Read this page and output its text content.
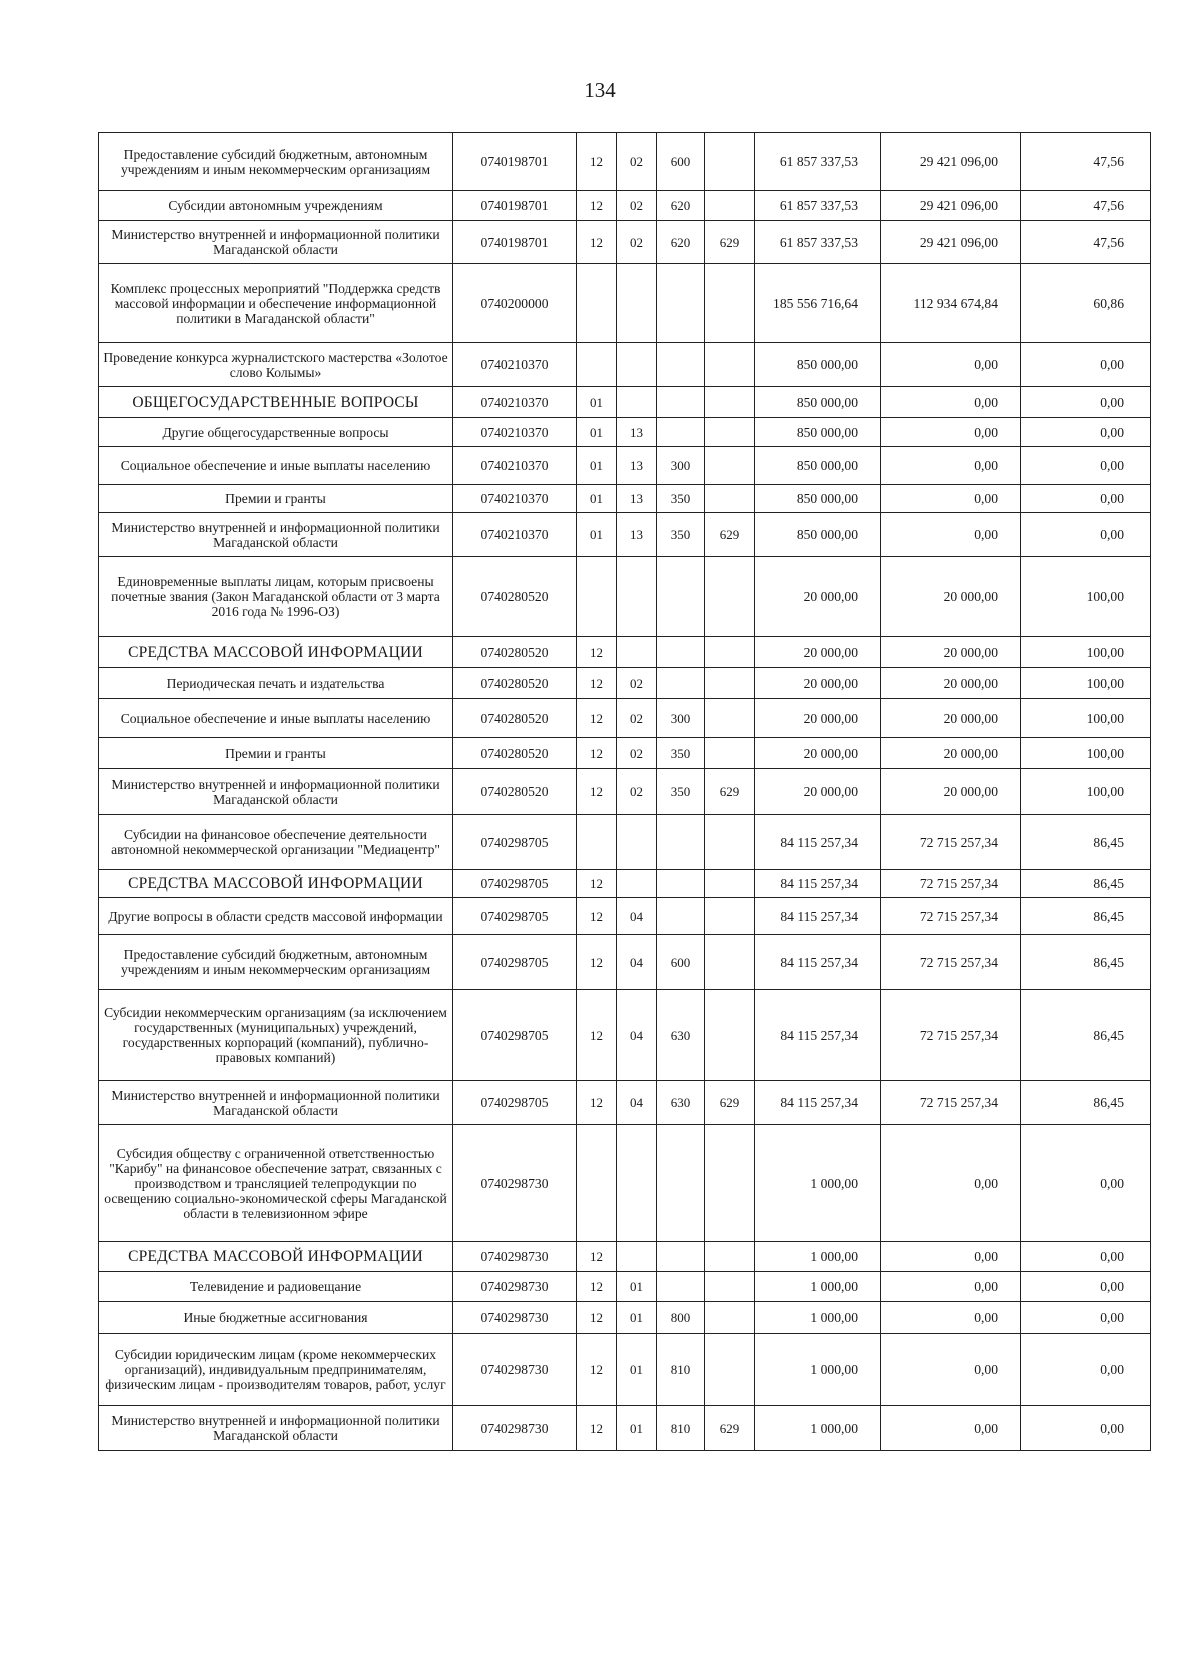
134
Предоставление субсидий бюджетным, автономным учреждениям и иным некоммерческим организациям	0740198701	12	02	600		61 857 337,53	29 421 096,00	47,56
Субсидии автономным учреждениям	0740198701	12	02	620		61 857 337,53	29 421 096,00	47,56
Министерство внутренней и информационной политики Магаданской области	0740198701	12	02	620	629	61 857 337,53	29 421 096,00	47,56
Комплекс процессных мероприятий "Поддержка средств массовой информации и обеспечение информационной политики в Магаданской области"	0740200000					185 556 716,64	112 934 674,84	60,86
Проведение конкурса журналистского мастерства «Золотое слово Колымы»	0740210370					850 000,00	0,00	0,00
ОБЩЕГОСУДАРСТВЕННЫЕ ВОПРОСЫ	0740210370	01				850 000,00	0,00	0,00
Другие общегосударственные вопросы	0740210370	01	13			850 000,00	0,00	0,00
Социальное обеспечение и иные выплаты населению	0740210370	01	13	300		850 000,00	0,00	0,00
Премии и гранты	0740210370	01	13	350		850 000,00	0,00	0,00
Министерство внутренней и информационной политики Магаданской области	0740210370	01	13	350	629	850 000,00	0,00	0,00
Единовременные выплаты лицам, которым присвоены почетные звания (Закон Магаданской области от 3 марта 2016 года № 1996-ОЗ)	0740280520					20 000,00	20 000,00	100,00
СРЕДСТВА МАССОВОЙ ИНФОРМАЦИИ	0740280520	12				20 000,00	20 000,00	100,00
Периодическая печать и издательства	0740280520	12	02			20 000,00	20 000,00	100,00
Социальное обеспечение и иные выплаты населению	0740280520	12	02	300		20 000,00	20 000,00	100,00
Премии и гранты	0740280520	12	02	350		20 000,00	20 000,00	100,00
Министерство внутренней и информационной политики Магаданской области	0740280520	12	02	350	629	20 000,00	20 000,00	100,00
Субсидии на финансовое обеспечение деятельности автономной некоммерческой организации "Медиацентр"	0740298705					84 115 257,34	72 715 257,34	86,45
СРЕДСТВА МАССОВОЙ ИНФОРМАЦИИ	0740298705	12				84 115 257,34	72 715 257,34	86,45
Другие вопросы в области средств массовой информации	0740298705	12	04			84 115 257,34	72 715 257,34	86,45
Предоставление субсидий бюджетным, автономным учреждениям и иным некоммерческим организациям	0740298705	12	04	600		84 115 257,34	72 715 257,34	86,45
Субсидии некоммерческим организациям (за исключением государственных (муниципальных) учреждений, государственных корпораций (компаний), публично-правовых компаний)	0740298705	12	04	630		84 115 257,34	72 715 257,34	86,45
Министерство внутренней и информационной политики Магаданской области	0740298705	12	04	630	629	84 115 257,34	72 715 257,34	86,45
Субсидия обществу с ограниченной ответственностью "Карибу" на финансовое обеспечение затрат, связанных с производством и трансляцией телепродукции по освещению социально-экономической сферы Магаданской области в телевизионном эфире	0740298730					1 000,00	0,00	0,00
СРЕДСТВА МАССОВОЙ ИНФОРМАЦИИ	0740298730	12				1 000,00	0,00	0,00
Телевидение и радиовещание	0740298730	12	01			1 000,00	0,00	0,00
Иные бюджетные ассигнования	0740298730	12	01	800		1 000,00	0,00	0,00
Субсидии юридическим лицам (кроме некоммерческих организаций), индивидуальным предпринимателям, физическим лицам - производителям товаров, работ, услуг	0740298730	12	01	810		1 000,00	0,00	0,00
Министерство внутренней и информационной политики Магаданской области	0740298730	12	01	810	629	1 000,00	0,00	0,00
